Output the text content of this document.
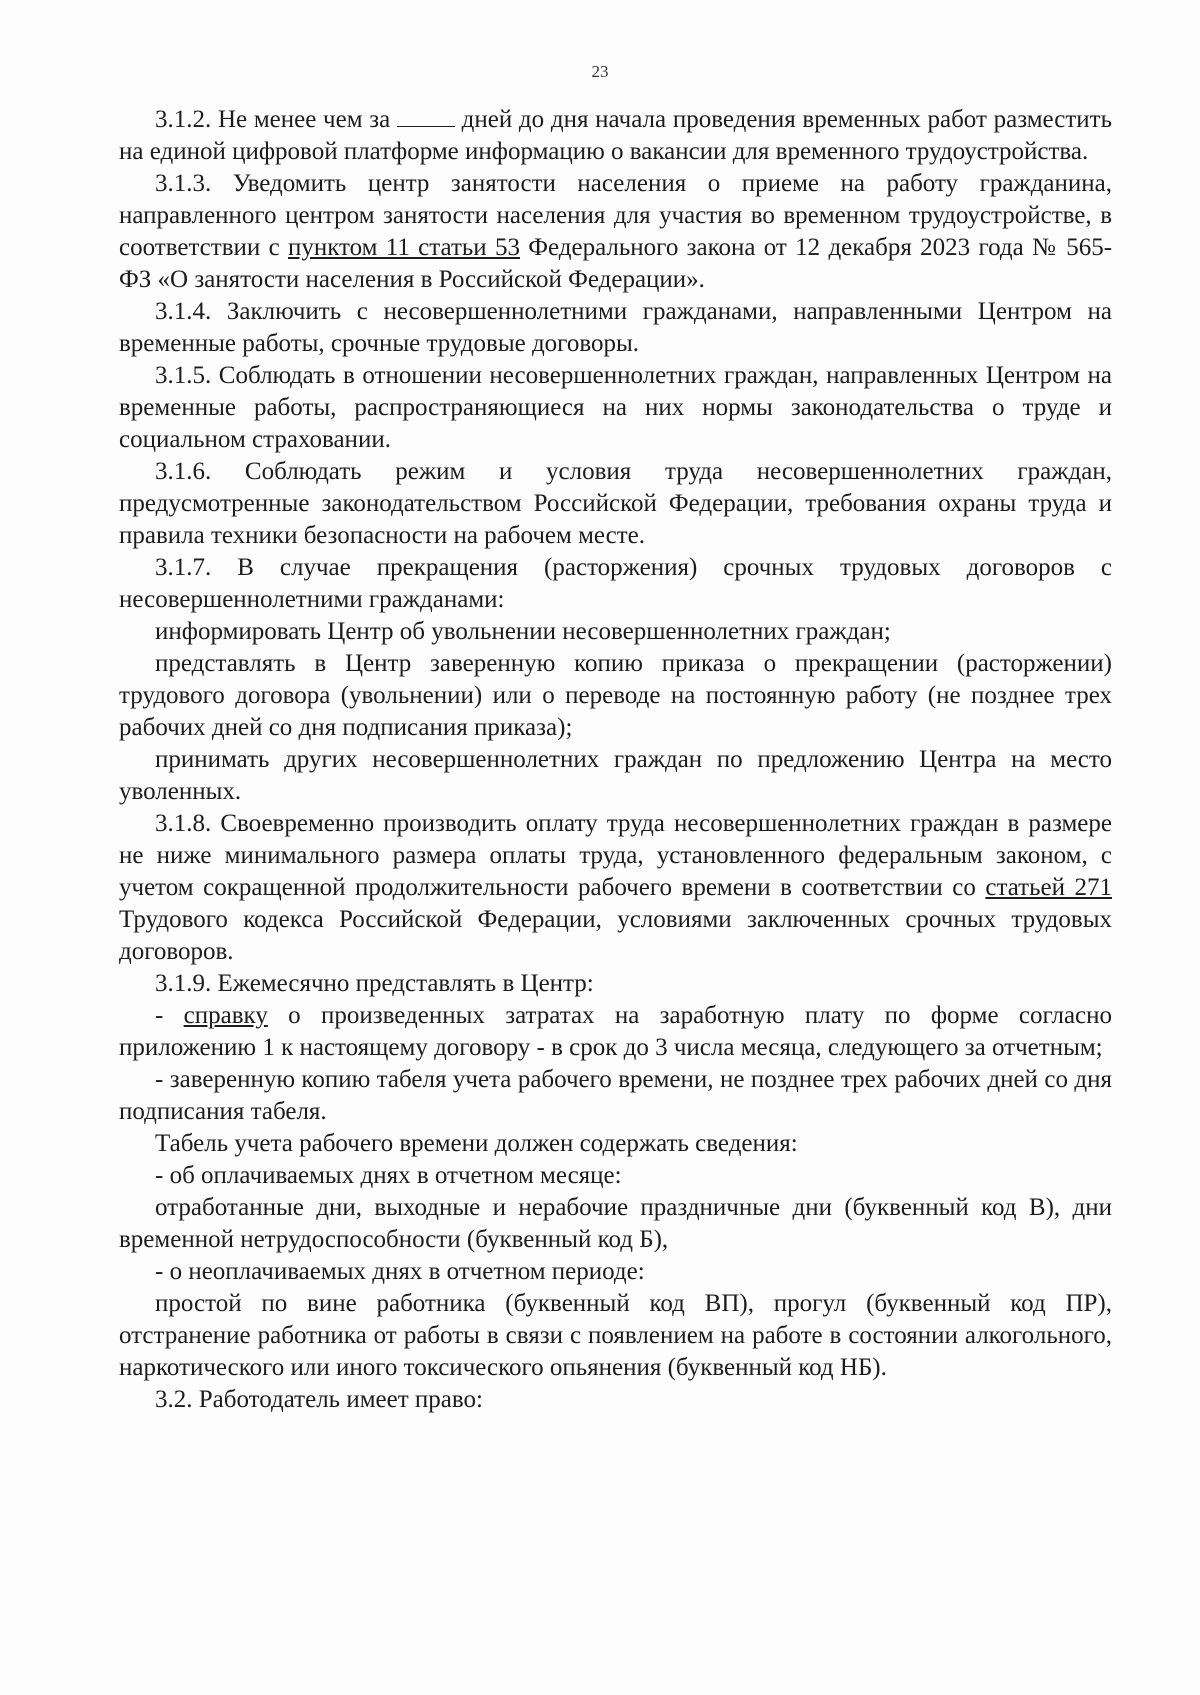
23

3.1.2. Не менее чем за	дней до дня начала проведения временных работ разместить на единой цифровой платформе информацию о вакансии для временного трудоустройства.

3.1.3. Уведомить центр занятости населения о приеме на работу гражданина, направленного центром занятости населения для участия во временном трудоустройстве, в соответствии с пунктом 11 статьи 53 Федерального закона от 12 декабря 2023 года № 565-ФЗ «О занятости населения в Российской Федерации».

3.1.4. Заключить с несовершеннолетними гражданами, направленными Центром на временные работы, срочные трудовые договоры.

3.1.5. Соблюдать в отношении несовершеннолетних граждан, направленных Центром на временные работы, распространяющиеся на них нормы законодательства о труде и социальном страховании.

3.1.6. Соблюдать режим и условия труда несовершеннолетних граждан, предусмотренные законодательством Российской Федерации, требования охраны труда и правила техники безопасности на рабочем месте.

3.1.7. В случае прекращения (расторжения) срочных трудовых договоров с несовершеннолетними гражданами:

информировать Центр об увольнении несовершеннолетних граждан;

представлять в Центр заверенную копию приказа о прекращении (расторжении) трудового договора (увольнении) или о переводе на постоянную работу (не позднее трех рабочих дней со дня подписания приказа);

принимать других несовершеннолетних граждан по предложению Центра на место уволенных.

3.1.8. Своевременно производить оплату труда несовершеннолетних граждан в размере не ниже минимального размера оплаты труда, установленного федеральным законом, с учетом сокращенной продолжительности рабочего времени в соответствии со статьей 271 Трудового кодекса Российской Федерации, условиями заключенных срочных трудовых договоров.

3.1.9. Ежемесячно представлять в Центр:

- справку о произведенных затратах на заработную плату по форме согласно приложению 1 к настоящему договору - в срок до 3 числа месяца, следующего за отчетным;

- заверенную копию табеля учета рабочего времени, не позднее трех рабочих дней со дня подписания табеля.

Табель учета рабочего времени должен содержать сведения:

- об оплачиваемых днях в отчетном месяце:

отработанные дни, выходные и нерабочие праздничные дни (буквенный код В), дни временной нетрудоспособности (буквенный код Б),

- о неоплачиваемых днях в отчетном периоде:

простой по вине работника (буквенный код ВП), прогул (буквенный код ПР), отстранение работника от работы в связи с появлением на работе в состоянии алкогольного, наркотического или иного токсического опьянения (буквенный код НБ).

3.2. Работодатель имеет право:
